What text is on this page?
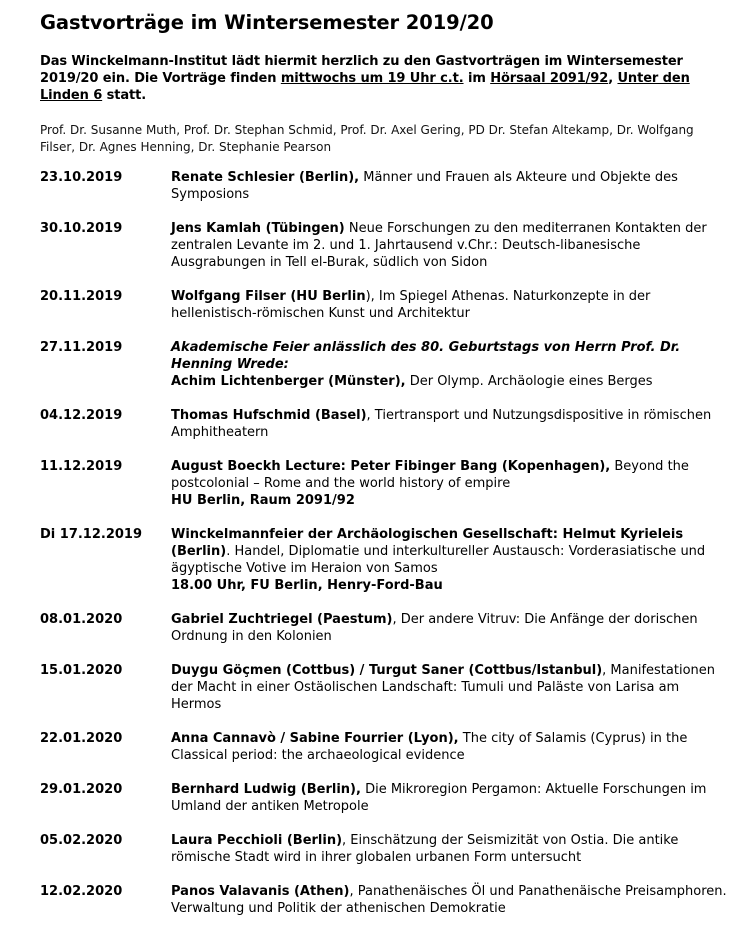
Gastvorträge im Wintersemester 2019/20

Das Winckelmann-Institut lädt hiermit herzlich zu den Gastvorträgen im Wintersemester 2019/20 ein. Die Vorträge finden mittwochs um 19 Uhr c.t. im Hörsaal 2091/92, Unter den Linden 6 statt.

Prof. Dr. Susanne Muth, Prof. Dr. Stephan Schmid, Prof. Dr. Axel Gering, PD Dr. Stefan Altekamp, Dr. Wolfgang Filser, Dr. Agnes Henning, Dr. Stephanie Pearson

23.10.2019	Renate Schlesier (Berlin), Männer und Frauen als Akteure und Objekte des Symposions
30.10.2019	Jens Kamlah (Tübingen) Neue Forschungen zu den mediterranen Kontakten der zentralen Levante im 2. und 1. Jahrtausend v.Chr.: Deutsch-libanesische Ausgrabungen in Tell el-Burak, südlich von Sidon
20.11.2019	Wolfgang Filser (HU Berlin), Im Spiegel Athenas. Naturkonzepte in der hellenistisch-römischen Kunst und Architektur
27.11.2019	Akademische Feier anlässlich des 80. Geburtstags von Herrn Prof. Dr. Henning Wrede:
Achim Lichtenberger (Münster), Der Olymp. Archäologie eines Berges
04.12.2019	Thomas Hufschmid (Basel), Tiertransport und Nutzungsdispositive in römischen Amphitheatern
11.12.2019	August Boeckh Lecture: Peter Fibinger Bang (Kopenhagen), Beyond the postcolonial – Rome and the world history of empire
HU Berlin, Raum 2091/92
Di 17.12.2019	Winckelmannfeier der Archäologischen Gesellschaft: Helmut Kyrieleis (Berlin). Handel, Diplomatie und interkultureller Austausch: Vorderasiatische und ägyptische Votive im Heraion von Samos
18.00 Uhr, FU Berlin, Henry-Ford-Bau
08.01.2020	Gabriel Zuchtriegel (Paestum), Der andere Vitruv: Die Anfänge der dorischen Ordnung in den Kolonien
15.01.2020	Duygu Göçmen (Cottbus) / Turgut Saner (Cottbus/Istanbul), Manifestationen der Macht in einer Ostäolischen Landschaft: Tumuli und Paläste von Larisa am Hermos
22.01.2020	Anna Cannavò / Sabine Fourrier (Lyon), The city of Salamis (Cyprus) in the Classical period: the archaeological evidence
29.01.2020	Bernhard Ludwig (Berlin), Die Mikroregion Pergamon: Aktuelle Forschungen im Umland der antiken Metropole
05.02.2020	Laura Pecchioli (Berlin), Einschätzung der Seismizität von Ostia. Die antike römische Stadt wird in ihrer globalen urbanen Form untersucht
12.02.2020	Panos Valavanis (Athen), Panathenäisches Öl und Panathenäische Preisamphoren. Verwaltung und Politik der athenischen Demokratie
